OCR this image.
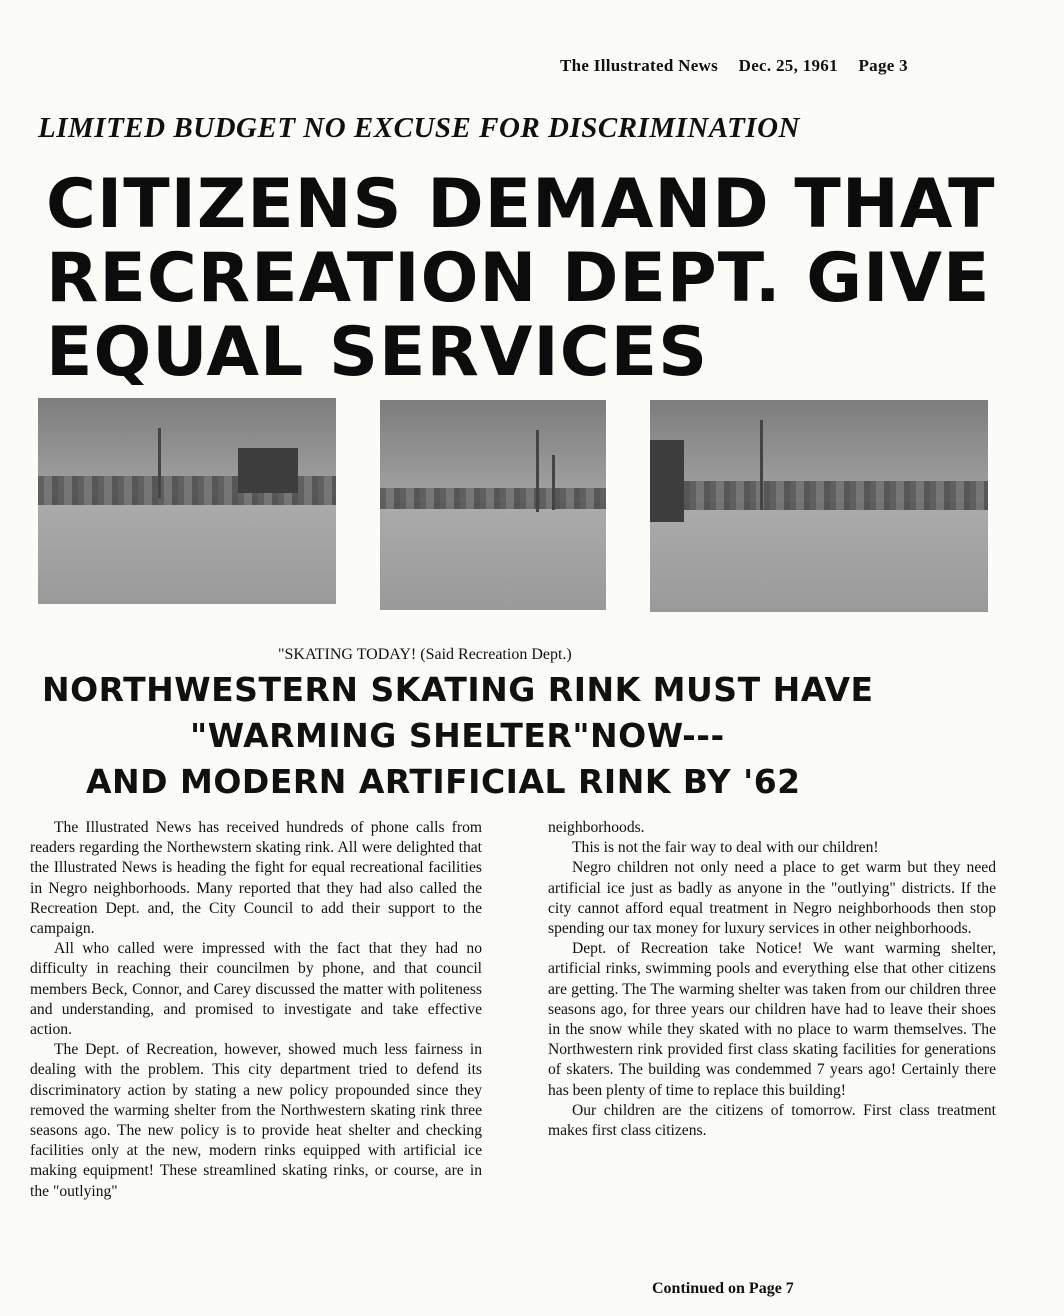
The Illustrated News Dec. 25, 1961 Page 3
LIMITED BUDGET NO EXCUSE FOR DISCRIMINATION
CITIZENS DEMAND THAT
RECREATION DEPT. GIVE
EQUAL SERVICES
"SKATING TODAY! (Said Recreation Dept.)
NORTHWESTERN SKATING RINK MUST HAVE
"WARMING SHELTER"NOW---
AND MODERN ARTIFICIAL RINK BY '62

The Illustrated News has received hundreds of phone calls from readers regarding the Northewstern skating rink. All were delighted that the Illustrated News is heading the fight for equal recreational facilities in Negro neighborhoods. Many reported that they had also called the Recreation Dept. and, the City Council to add their support to the campaign.

All who called were impressed with the fact that they had no difficulty in reaching their councilmen by phone, and that council members Beck, Connor, and Carey discussed the matter with politeness and understanding, and promised to investigate and take effective action.

The Dept. of Recreation, however, showed much less fairness in dealing with the problem. This city department tried to defend its discriminatory action by stating a new policy propounded since they removed the warming shelter from the Northwestern skating rink three seasons ago. The new policy is to provide heat shelter and checking facilities only at the new, modern rinks equipped with artificial ice making equipment! These streamlined skating rinks, or course, are in the "outlying"

neighborhoods.

This is not the fair way to deal with our children!

Negro children not only need a place to get warm but they need artificial ice just as badly as anyone in the "outlying" districts. If the city cannot afford equal treatment in Negro neighborhoods then stop spending our tax money for luxury services in other neighborhoods.

Dept. of Recreation take Notice! We want warming shelter, artificial rinks, swimming pools and everything else that other citizens are getting. The The warming shelter was taken from our children three seasons ago, for three years our children have had to leave their shoes in the snow while they skated with no place to warm themselves. The Northwestern rink provided first class skating facilities for generations of skaters. The building was condemmed 7 years ago! Certainly there has been plenty of time to replace this building!

Our children are the citizens of tomorrow. First class treatment makes first class citizens.

Continued on Page 7
